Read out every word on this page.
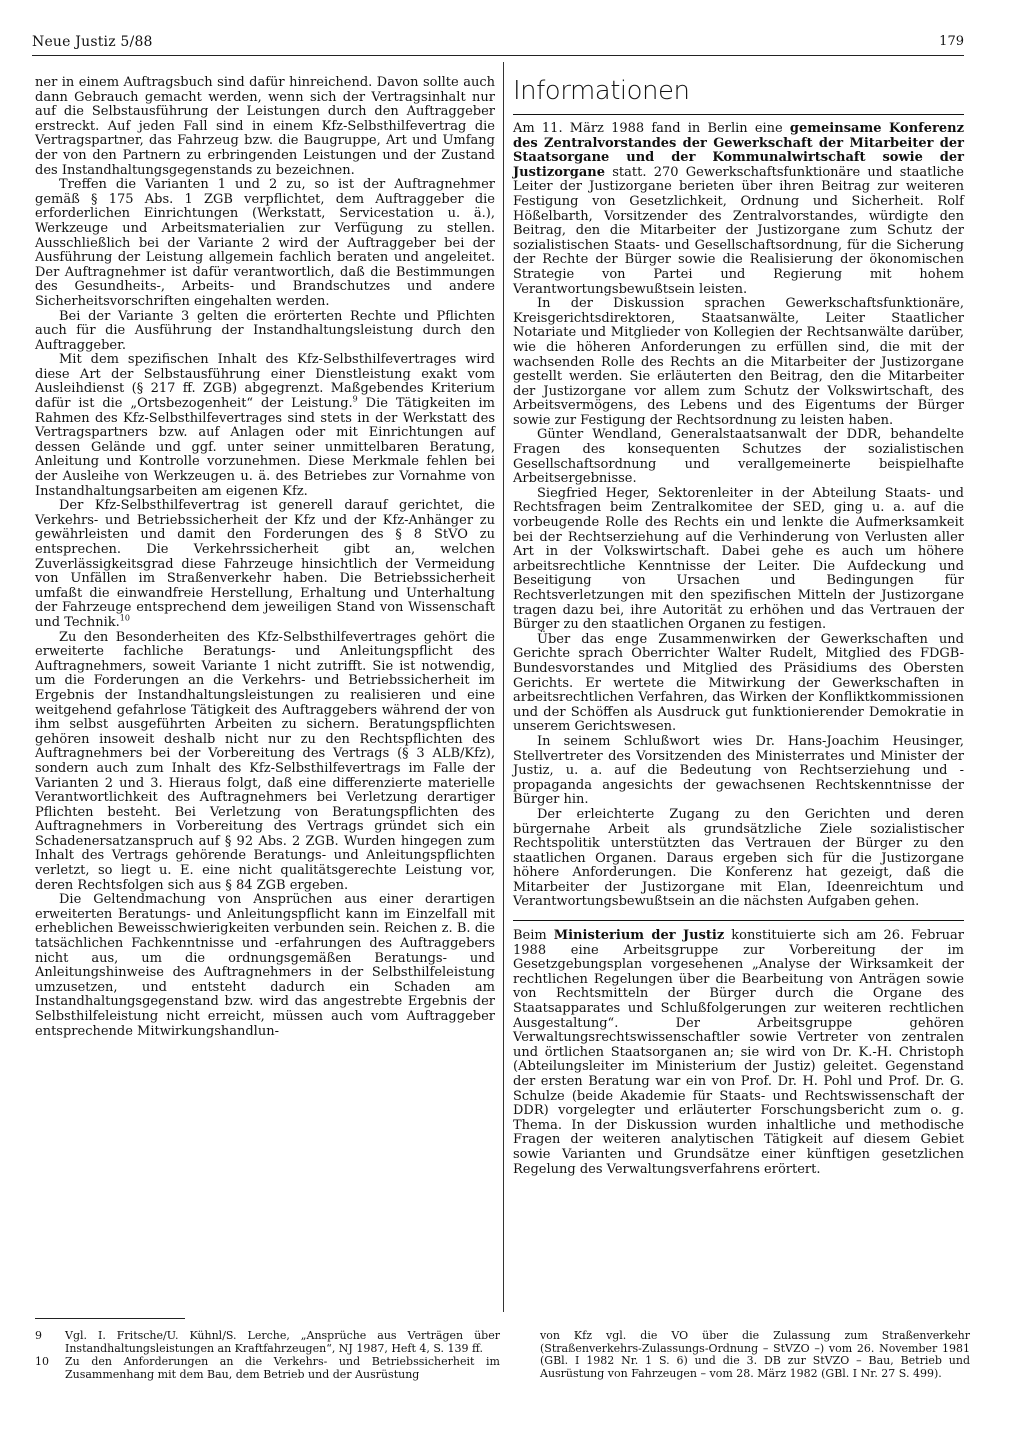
Neue Justiz 5/88	179

ner in einem Auftragsbuch sind dafür hinreichend. Davon sollte auch dann Gebrauch gemacht werden, wenn sich der Vertragsinhalt nur auf die Selbstausführung der Leistungen durch den Auftraggeber erstreckt. Auf jeden Fall sind in einem Kfz-Selbsthilfevertrag die Vertragspartner, das Fahrzeug bzw. die Baugruppe, Art und Umfang der von den Partnern zu erbringenden Leistungen und der Zustand des Instandhaltungsgegenstands zu bezeichnen.

Treffen die Varianten 1 und 2 zu, so ist der Auftragnehmer gemäß § 175 Abs. 1 ZGB verpflichtet, dem Auftraggeber die erforderlichen Einrichtungen (Werkstatt, Servicestation u. ä.), Werkzeuge und Arbeitsmaterialien zur Verfügung zu stellen. Ausschließlich bei der Variante 2 wird der Auftraggeber bei der Ausführung der Leistung allgemein fachlich beraten und angeleitet. Der Auftragnehmer ist dafür verantwortlich, daß die Bestimmungen des Gesundheits-, Arbeits- und Brandschutzes und andere Sicherheitsvorschriften eingehalten werden.

Bei der Variante 3 gelten die erörterten Rechte und Pflichten auch für die Ausführung der Instandhaltungsleistung durch den Auftraggeber.

Mit dem spezifischen Inhalt des Kfz-Selbsthilfevertrages wird diese Art der Selbstausführung einer Dienstleistung exakt vom Ausleihdienst (§ 217 ff. ZGB) abgegrenzt. Maßgebendes Kriterium dafür ist die „Ortsbezogenheit“ der Leistung.$^9$ Die Tätigkeiten im Rahmen des Kfz-Selbsthilfevertrages sind stets in der Werkstatt des Vertragspartners bzw. auf Anlagen oder mit Einrichtungen auf dessen Gelände und ggf. unter seiner unmittelbaren Beratung, Anleitung und Kontrolle vorzunehmen. Diese Merkmale fehlen bei der Ausleihe von Werkzeugen u. ä. des Betriebes zur Vornahme von Instandhaltungsarbeiten am eigenen Kfz.

Der Kfz-Selbsthilfevertrag ist generell darauf gerichtet, die Verkehrs- und Betriebssicherheit der Kfz und der Kfz-Anhänger zu gewährleisten und damit den Forderungen des § 8 StVO zu entsprechen. Die Verkehrssicherheit gibt an, welchen Zuverlässigkeitsgrad diese Fahrzeuge hinsichtlich der Vermeidung von Unfällen im Straßenverkehr haben. Die Betriebssicherheit umfaßt die einwandfreie Herstellung, Erhaltung und Unterhaltung der Fahrzeuge entsprechend dem jeweiligen Stand von Wissenschaft und Technik.$^{10}$

Zu den Besonderheiten des Kfz-Selbsthilfevertrages gehört die erweiterte fachliche Beratungs- und Anleitungspflicht des Auftragnehmers, soweit Variante 1 nicht zutrifft. Sie ist notwendig, um die Forderungen an die Verkehrs- und Betriebssicherheit im Ergebnis der Instandhaltungsleistungen zu realisieren und eine weitgehend gefahrlose Tätigkeit des Auftraggebers während der von ihm selbst ausgeführten Arbeiten zu sichern. Beratungspflichten gehören insoweit deshalb nicht nur zu den Rechtspflichten des Auftragnehmers bei der Vorbereitung des Vertrags (§ 3 ALB/Kfz), sondern auch zum Inhalt des Kfz-Selbsthilfevertrags im Falle der Varianten 2 und 3. Hieraus folgt, daß eine differenzierte materielle Verantwortlichkeit des Auftragnehmers bei Verletzung derartiger Pflichten besteht. Bei Verletzung von Beratungspflichten des Auftragnehmers in Vorbereitung des Vertrags gründet sich ein Schadenersatzanspruch auf § 92 Abs. 2 ZGB. Wurden hingegen zum Inhalt des Vertrags gehörende Beratungs- und Anleitungspflichten verletzt, so liegt u. E. eine nicht qualitätsgerechte Leistung vor, deren Rechtsfolgen sich aus § 84 ZGB ergeben.

Die Geltendmachung von Ansprüchen aus einer derartigen erweiterten Beratungs- und Anleitungspflicht kann im Einzelfall mit erheblichen Beweisschwierigkeiten verbunden sein. Reichen z. B. die tatsächlichen Fachkenntnisse und -erfahrungen des Auftraggebers nicht aus, um die ordnungsgemäßen Beratungs- und Anleitungshinweise des Auftragnehmers in der Selbsthilfeleistung umzusetzen, und entsteht dadurch ein Schaden am Instandhaltungsgegenstand bzw. wird das angestrebte Ergebnis der Selbsthilfeleistung nicht erreicht, müssen auch vom Auftraggeber entsprechende Mitwirkungshandlun-

Informationen

Am 11. März 1988 fand in Berlin eine gemeinsame Konferenz des Zentralvorstandes der Gewerkschaft der Mitarbeiter der Staatsorgane und der Kommunalwirtschaft sowie der Justizorgane statt. 270 Gewerkschaftsfunktionäre und staatliche Leiter der Justizorgane berieten über ihren Beitrag zur weiteren Festigung von Gesetzlichkeit, Ordnung und Sicherheit. Rolf Hößelbarth, Vorsitzender des Zentralvorstandes, würdigte den Beitrag, den die Mitarbeiter der Justizorgane zum Schutz der sozialistischen Staats- und Gesellschaftsordnung, für die Sicherung der Rechte der Bürger sowie die Realisierung der ökonomischen Strategie von Partei und Regierung mit hohem Verantwortungsbewußtsein leisten.

In der Diskussion sprachen Gewerkschaftsfunktionäre, Kreisgerichtsdirektoren, Staatsanwälte, Leiter Staatlicher Notariate und Mitglieder von Kollegien der Rechtsanwälte darüber, wie die höheren Anforderungen zu erfüllen sind, die mit der wachsenden Rolle des Rechts an die Mitarbeiter der Justizorgane gestellt werden. Sie erläuterten den Beitrag, den die Mitarbeiter der Justizorgane vor allem zum Schutz der Volkswirtschaft, des Arbeitsvermögens, des Lebens und des Eigentums der Bürger sowie zur Festigung der Rechtsordnung zu leisten haben.

Günter Wendland, Generalstaatsanwalt der DDR, behandelte Fragen des konsequenten Schutzes der sozialistischen Gesellschaftsordnung und verallgemeinerte beispielhafte Arbeitsergebnisse.

Siegfried Heger, Sektorenleiter in der Abteilung Staats- und Rechtsfragen beim Zentralkomitee der SED, ging u. a. auf die vorbeugende Rolle des Rechts ein und lenkte die Aufmerksamkeit bei der Rechtserziehung auf die Verhinderung von Verlusten aller Art in der Volkswirtschaft. Dabei gehe es auch um höhere arbeitsrechtliche Kenntnisse der Leiter. Die Aufdeckung und Beseitigung von Ursachen und Bedingungen für Rechtsverletzungen mit den spezifischen Mitteln der Justizorgane tragen dazu bei, ihre Autorität zu erhöhen und das Vertrauen der Bürger zu den staatlichen Organen zu festigen.

Über das enge Zusammenwirken der Gewerkschaften und Gerichte sprach Oberrichter Walter Rudelt, Mitglied des FDGB-Bundesvorstandes und Mitglied des Präsidiums des Obersten Gerichts. Er wertete die Mitwirkung der Gewerkschaften in arbeitsrechtlichen Verfahren, das Wirken der Konfliktkommissionen und der Schöffen als Ausdruck gut funktionierender Demokratie in unserem Gerichtswesen.

In seinem Schlußwort wies Dr. Hans-Joachim Heusinger, Stellvertreter des Vorsitzenden des Ministerrates und Minister der Justiz, u. a. auf die Bedeutung von Rechtserziehung und -propaganda angesichts der gewachsenen Rechtskenntnisse der Bürger hin.

Der erleichterte Zugang zu den Gerichten und deren bürgernahe Arbeit als grundsätzliche Ziele sozialistischer Rechtspolitik unterstützten das Vertrauen der Bürger zu den staatlichen Organen. Daraus ergeben sich für die Justizorgane höhere Anforderungen. Die Konferenz hat gezeigt, daß die Mitarbeiter der Justizorgane mit Elan, Ideenreichtum und Verantwortungsbewußtsein an die nächsten Aufgaben gehen.

Beim Ministerium der Justiz konstituierte sich am 26. Februar 1988 eine Arbeitsgruppe zur Vorbereitung der im Gesetzgebungsplan vorgesehenen „Analyse der Wirksamkeit der rechtlichen Regelungen über die Bearbeitung von Anträgen sowie von Rechtsmitteln der Bürger durch die Organe des Staatsapparates und Schlußfolgerungen zur weiteren rechtlichen Ausgestaltung“. Der Arbeitsgruppe gehören Verwaltungsrechtswissenschaftler sowie Vertreter von zentralen und örtlichen Staatsorganen an; sie wird von Dr. K.-H. Christoph (Abteilungsleiter im Ministerium der Justiz) geleitet. Gegenstand der ersten Beratung war ein von Prof. Dr. H. Pohl und Prof. Dr. G. Schulze (beide Akademie für Staats- und Rechtswissenschaft der DDR) vorgelegter und erläuterter Forschungsbericht zum o. g. Thema. In der Diskussion wurden inhaltliche und methodische Fragen der weiteren analytischen Tätigkeit auf diesem Gebiet sowie Varianten und Grundsätze einer künftigen gesetzlichen Regelung des Verwaltungsverfahrens erörtert.

9	Vgl. I. Fritsche/U. Kühnl/S. Lerche, „Ansprüche aus Verträgen über Instandhaltungsleistungen an Kraftfahrzeugen“, NJ 1987, Heft 4, S. 139 ff.
10	Zu den Anforderungen an die Verkehrs- und Betriebssicherheit im Zusammenhang mit dem Bau, dem Betrieb und der Ausrüstung
von Kfz vgl. die VO über die Zulassung zum Straßenverkehr (Straßenverkehrs-Zulassungs-Ordnung – StVZO –) vom 26. November 1981 (GBl. I 1982 Nr. 1 S. 6) und die 3. DB zur StVZO – Bau, Betrieb und Ausrüstung von Fahrzeugen – vom 28. März 1982 (GBl. I Nr. 27 S. 499).
